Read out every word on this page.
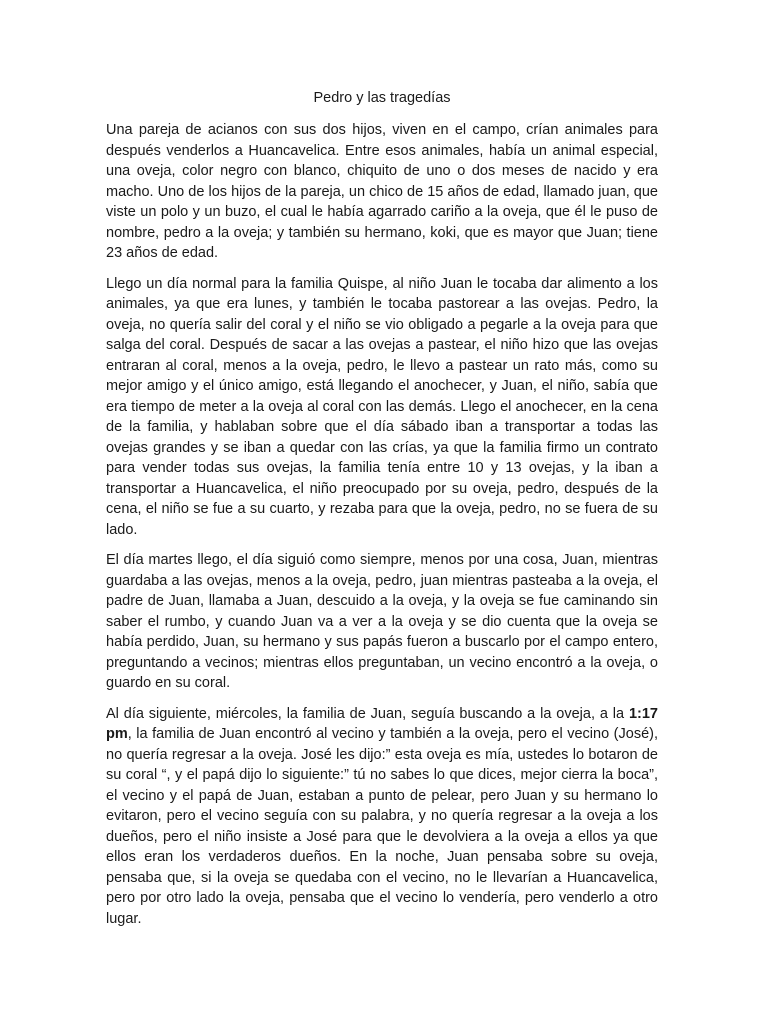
Pedro y las tragedías

Una pareja de acianos con sus dos hijos, viven en el campo, crían animales para después venderlos a Huancavelica. Entre esos animales, había un animal especial, una oveja, color negro con blanco, chiquito de uno o dos meses de nacido y era macho. Uno de los hijos de la pareja, un chico de 15 años de edad, llamado juan, que viste un polo y un buzo, el cual le había agarrado cariño a la oveja, que él le puso de nombre, pedro a la oveja; y también su hermano, koki, que es mayor que Juan; tiene 23 años de edad.

Llego un día normal para la familia Quispe, al niño Juan le tocaba dar alimento a los animales, ya que era lunes, y también le tocaba pastorear a las ovejas. Pedro, la oveja, no quería salir del coral y el niño se vio obligado a pegarle a la oveja para que salga del coral. Después de sacar a las ovejas a pastear, el niño hizo que las ovejas entraran al coral, menos a la oveja, pedro, le llevo a pastear un rato más, como su mejor amigo y el único amigo, está llegando el anochecer, y Juan, el niño, sabía que era tiempo de meter a la oveja al coral con las demás. Llego el anochecer, en la cena de la familia, y hablaban sobre que el día sábado iban a transportar a todas las ovejas grandes y se iban a quedar con las crías, ya que la familia firmo un contrato para vender todas sus ovejas, la familia tenía entre 10 y 13 ovejas, y la iban a transportar a Huancavelica, el niño preocupado por su oveja, pedro, después de la cena, el niño se fue a su cuarto, y rezaba para que la oveja, pedro, no se fuera de su lado.

El día martes llego, el día siguió como siempre, menos por una cosa, Juan, mientras guardaba a las ovejas, menos a la oveja, pedro, juan mientras pasteaba a la oveja, el padre de Juan, llamaba a Juan, descuido a la oveja, y la oveja se fue caminando sin saber el rumbo, y cuando Juan va a ver a la oveja y se dio cuenta que la oveja se había perdido, Juan, su hermano y sus papás fueron a buscarlo por el campo entero, preguntando a vecinos; mientras ellos preguntaban, un vecino encontró a la oveja, o guardo en su coral.

Al día siguiente, miércoles, la familia de Juan, seguía buscando a la oveja, a la 1:17 pm, la familia de Juan encontró al vecino y también a la oveja, pero el vecino (José), no quería regresar a la oveja. José les dijo:” esta oveja es mía, ustedes lo botaron de su coral “, y el papá dijo lo siguiente:” tú no sabes lo que dices, mejor cierra la boca”, el vecino y el papá de Juan, estaban a punto de pelear, pero Juan y su hermano lo evitaron, pero el vecino seguía con su palabra, y no quería regresar a la oveja a los dueños, pero el niño insiste a José para que le devolviera a la oveja a ellos ya que ellos eran los verdaderos dueños. En la noche, Juan pensaba sobre su oveja, pensaba que, si la oveja se quedaba con el vecino, no le llevarían a Huancavelica, pero por otro lado la oveja, pensaba que el vecino lo vendería, pero venderlo a otro lugar.
